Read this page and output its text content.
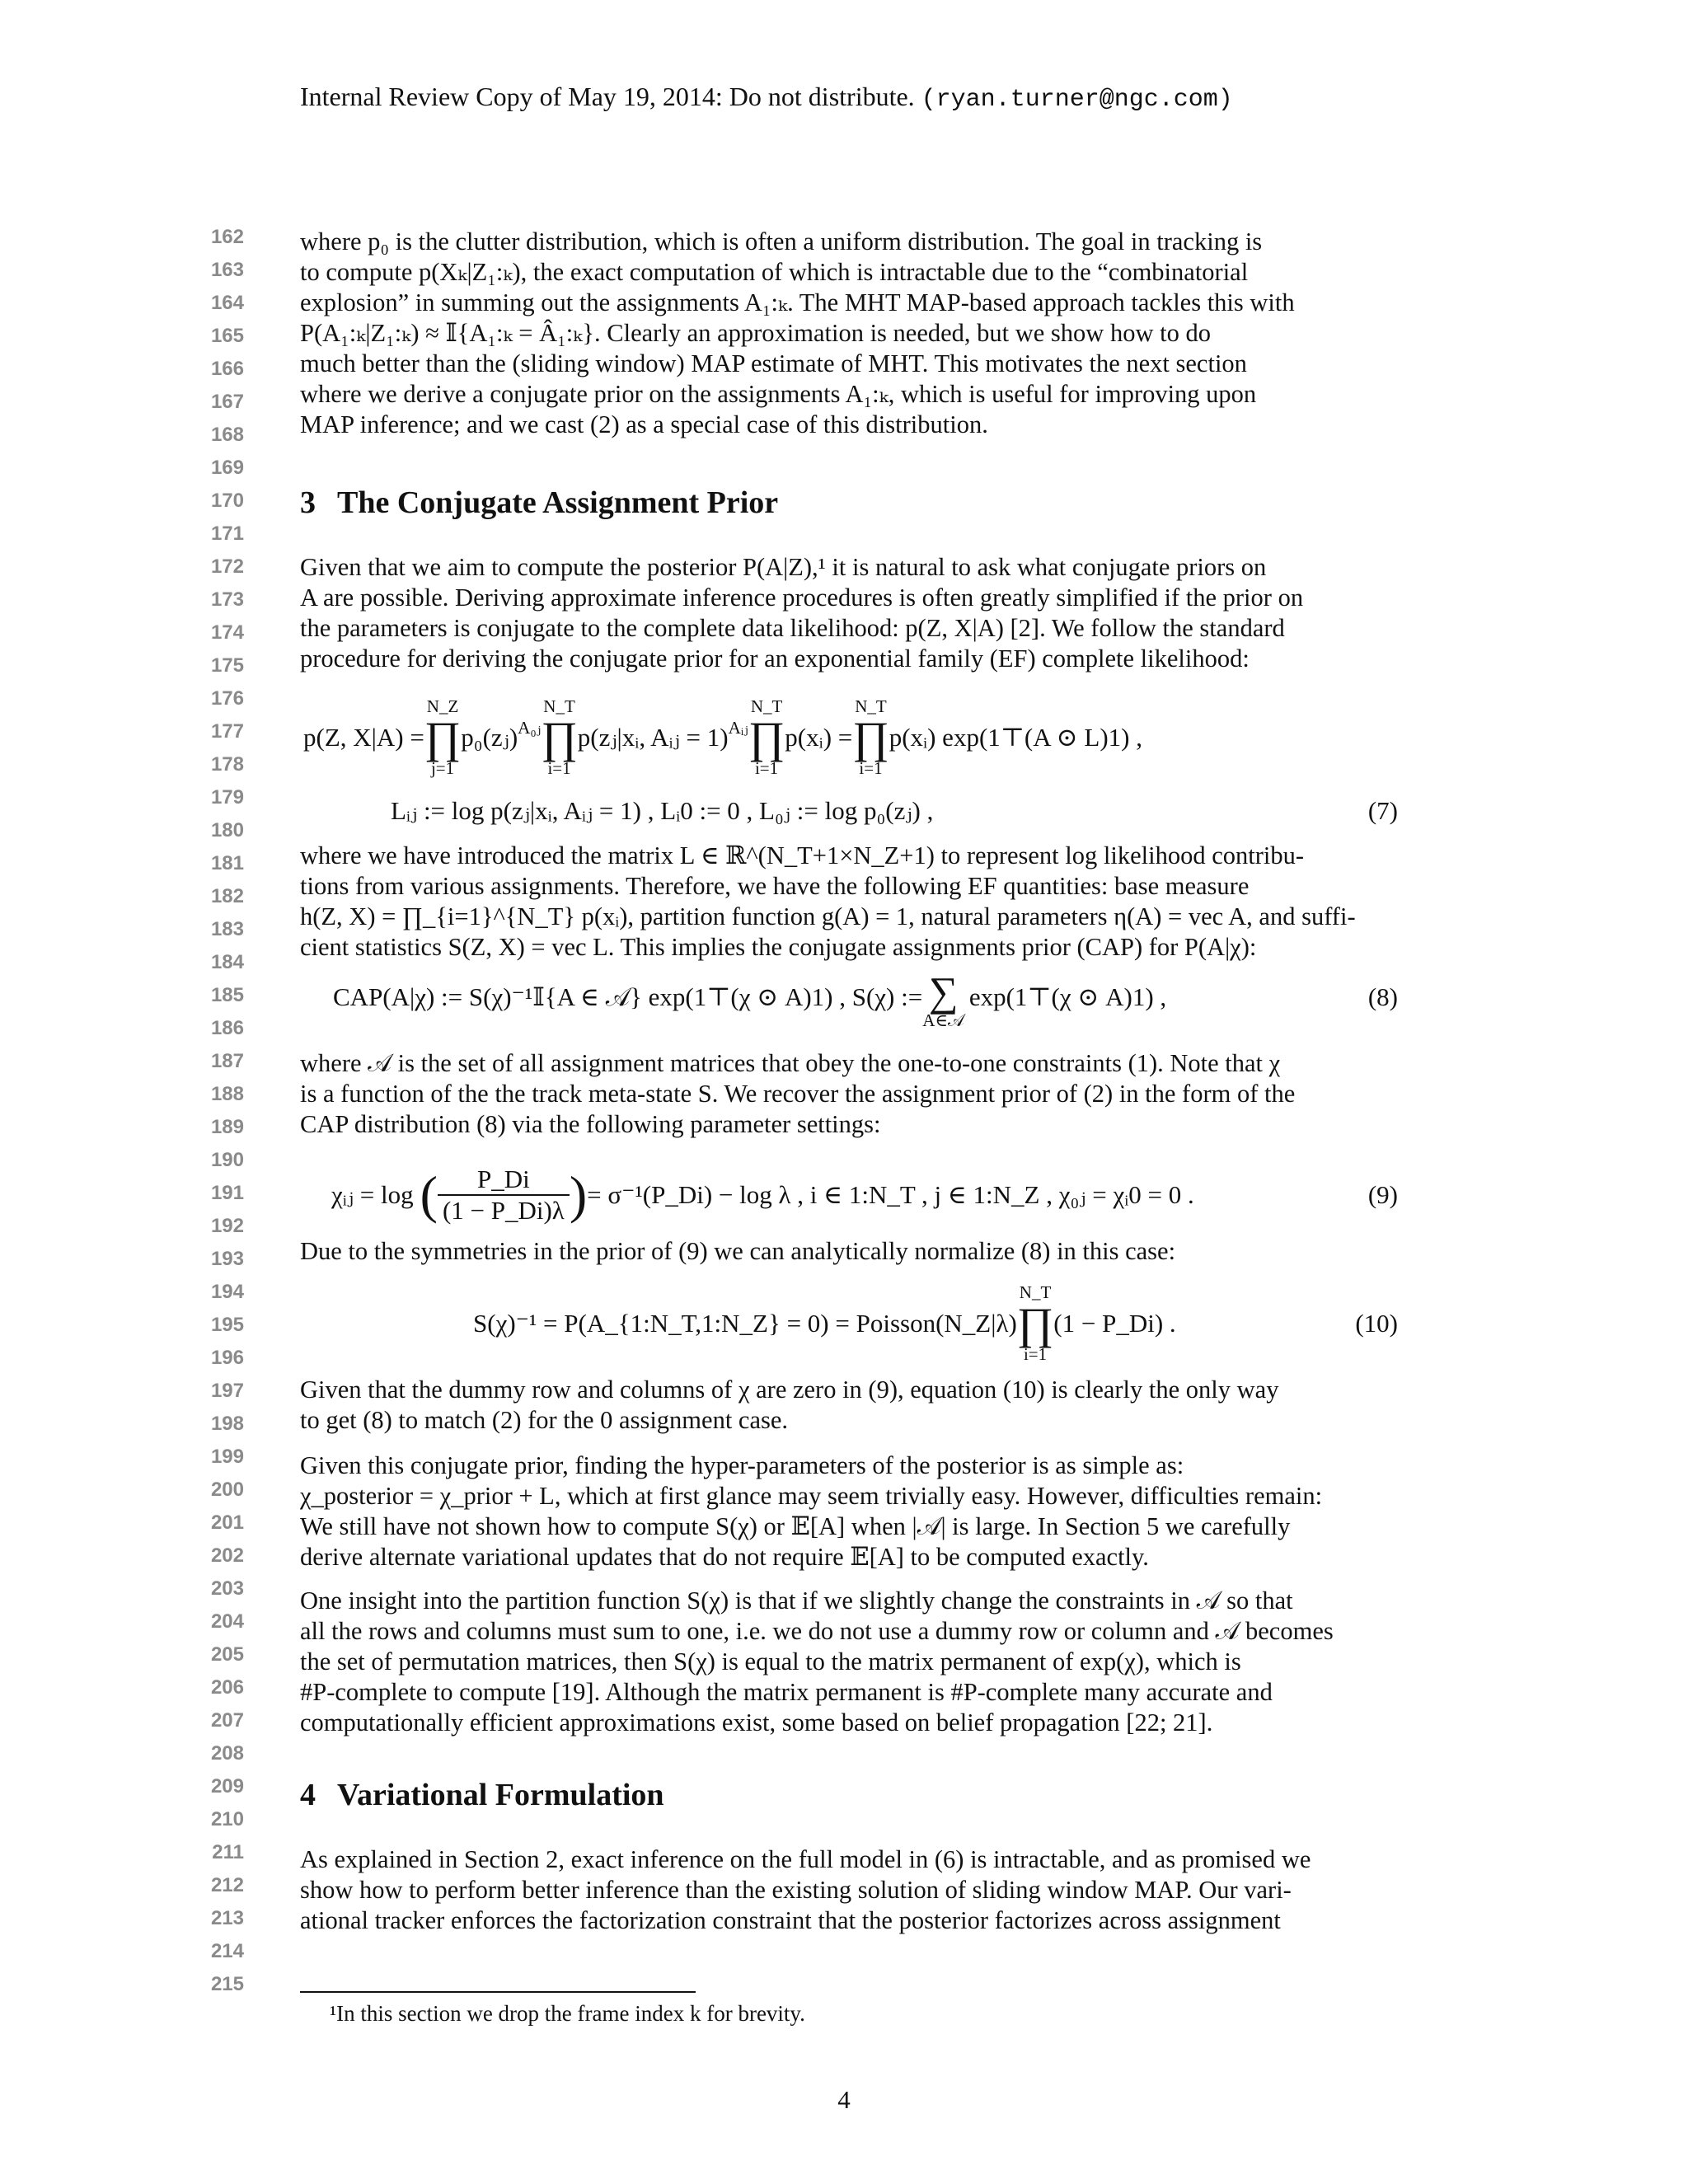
Internal Review Copy of May 19, 2014: Do not distribute. (ryan.turner@ngc.com)
162
163
164
165
166
167
168
169
170
171
172
173
174
175
176
177
178
179
180
181
182
183
184
185
186
187
188
189
190
191
192
193
194
195
196
197
198
199
200
201
202
203
204
205
206
207
208
209
210
211
212
213
214
215
where p₀ is the clutter distribution, which is often a uniform distribution. The goal in tracking is
to compute p(Xₖ|Z₁:ₖ), the exact computation of which is intractable due to the “combinatorial
explosion” in summing out the assignments A₁:ₖ. The MHT MAP-based approach tackles this with
P(A₁:ₖ|Z₁:ₖ) ≈ 𝕀{A₁:ₖ = Â₁:ₖ}. Clearly an approximation is needed, but we show how to do
much better than the (sliding window) MAP estimate of MHT. This motivates the next section
where we derive a conjugate prior on the assignments A₁:ₖ, which is useful for improving upon
MAP inference; and we cast (2) as a special case of this distribution.
3 The Conjugate Assignment Prior
Given that we aim to compute the posterior P(A|Z),¹ it is natural to ask what conjugate priors on
A are possible. Deriving approximate inference procedures is often greatly simplified if the prior on
the parameters is conjugate to the complete data likelihood: p(Z, X|A) [2]. We follow the standard
procedure for deriving the conjugate prior for an exponential family (EF) complete likelihood:
p(Z, X|A) =
N_Z
∏
j=1
p₀(zⱼ)$^{A_0ⱼ}$
N_T
∏
i=1
p(zⱼ|xᵢ, Aᵢⱼ = 1)$^{Aᵢⱼ}$
N_T
∏
i=1
p(xᵢ) =
N_T
∏
i=1
p(xᵢ) exp(1⊤(A ⊙ L)1) ,
Lᵢⱼ := log p(zⱼ|xᵢ, Aᵢⱼ = 1) , Lᵢ0 := 0 , L₀ⱼ := log p₀(zⱼ) ,	(7)
where we have introduced the matrix L ∈ ℝ^(N_T+1×N_Z+1) to represent log likelihood contribu-
tions from various assignments. Therefore, we have the following EF quantities: base measure
h(Z, X) = ∏_{i=1}^{N_T} p(xᵢ), partition function g(A) = 1, natural parameters η(A) = vec A, and suffi-
cient statistics S(Z, X) = vec L. This implies the conjugate assignments prior (CAP) for P(A|χ):
CAP(A|χ) := S(χ)⁻¹𝕀{A ∈ 𝒜} exp(1⊤(χ ⊙ A)1) , S(χ) := ∑
A∈𝒜
exp(1⊤(χ ⊙ A)1) ,	(8)
where 𝒜 is the set of all assignment matrices that obey the one-to-one constraints (1). Note that χ
is a function of the the track meta-state S. We recover the assignment prior of (2) in the form of the
CAP distribution (8) via the following parameter settings:
χᵢⱼ = log ( $\frac{P\_Di}{(1 - P\_Di)\lambda}$ ) = σ⁻¹(P_Di) − log λ , i ∈ 1:N_T , j ∈ 1:N_Z , χ₀ⱼ = χᵢ0 = 0 .	(9)
Due to the symmetries in the prior of (9) we can analytically normalize (8) in this case:
S(χ)⁻¹ = P(A_{1:N_T,1:N_Z} = 0) = Poisson(N_Z|λ)
N_T
∏
i=1
(1 − P_Di) .	(10)
Given that the dummy row and columns of χ are zero in (9), equation (10) is clearly the only way
to get (8) to match (2) for the 0 assignment case.
Given this conjugate prior, finding the hyper-parameters of the posterior is as simple as:
χ_posterior = χ_prior + L, which at first glance may seem trivially easy. However, difficulties remain:
We still have not shown how to compute S(χ) or 𝔼[A] when |𝒜| is large. In Section 5 we carefully
derive alternate variational updates that do not require 𝔼[A] to be computed exactly.
One insight into the partition function S(χ) is that if we slightly change the constraints in 𝒜 so that
all the rows and columns must sum to one, i.e. we do not use a dummy row or column and 𝒜 becomes
the set of permutation matrices, then S(χ) is equal to the matrix permanent of exp(χ), which is
#P-complete to compute [19]. Although the matrix permanent is #P-complete many accurate and
computationally efficient approximations exist, some based on belief propagation [22; 21].
4 Variational Formulation
As explained in Section 2, exact inference on the full model in (6) is intractable, and as promised we
show how to perform better inference than the existing solution of sliding window MAP. Our vari-
ational tracker enforces the factorization constraint that the posterior factorizes across assignment
¹In this section we drop the frame index k for brevity.
4
